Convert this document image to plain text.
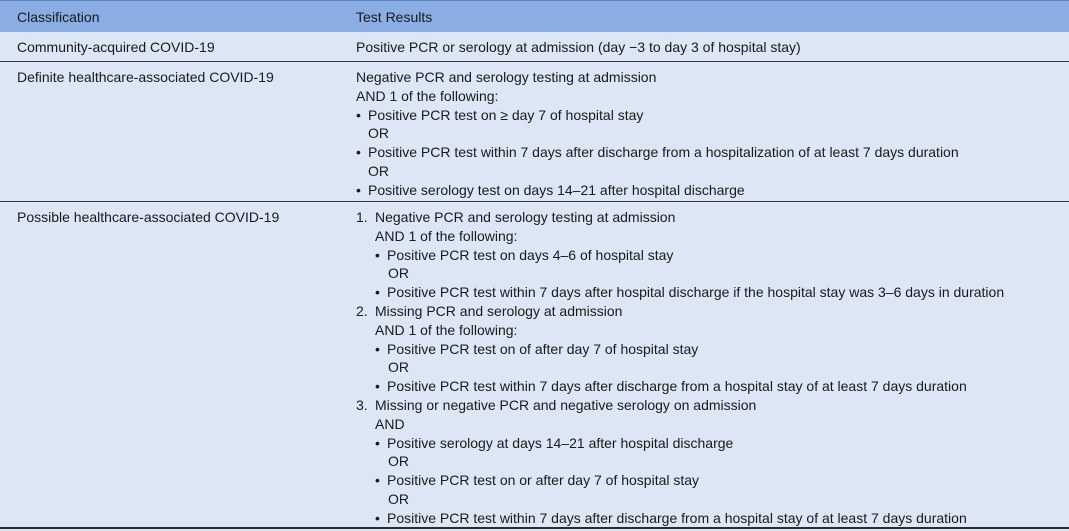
Classification	Test Results
Community-acquired COVID-19	Positive PCR or serology at admission (day −3 to day 3 of hospital stay)
Definite healthcare-associated COVID-19	Negative PCR and serology testing at admission
AND 1 of the following:
• Positive PCR test on ≥ day 7 of hospital stay
OR
• Positive PCR test within 7 days after discharge from a hospitalization of at least 7 days duration
OR
• Positive serology test on days 14–21 after hospital discharge
Possible healthcare-associated COVID-19	1. Negative PCR and serology testing at admission
AND 1 of the following:
• Positive PCR test on days 4–6 of hospital stay
OR
• Positive PCR test within 7 days after hospital discharge if the hospital stay was 3–6 days in duration
2. Missing PCR and serology at admission
AND 1 of the following:
• Positive PCR test on of after day 7 of hospital stay
OR
• Positive PCR test within 7 days after discharge from a hospital stay of at least 7 days duration
3. Missing or negative PCR and negative serology on admission
AND
• Positive serology at days 14–21 after hospital discharge
OR
• Positive PCR test on or after day 7 of hospital stay
OR
• Positive PCR test within 7 days after discharge from a hospital stay of at least 7 days duration
